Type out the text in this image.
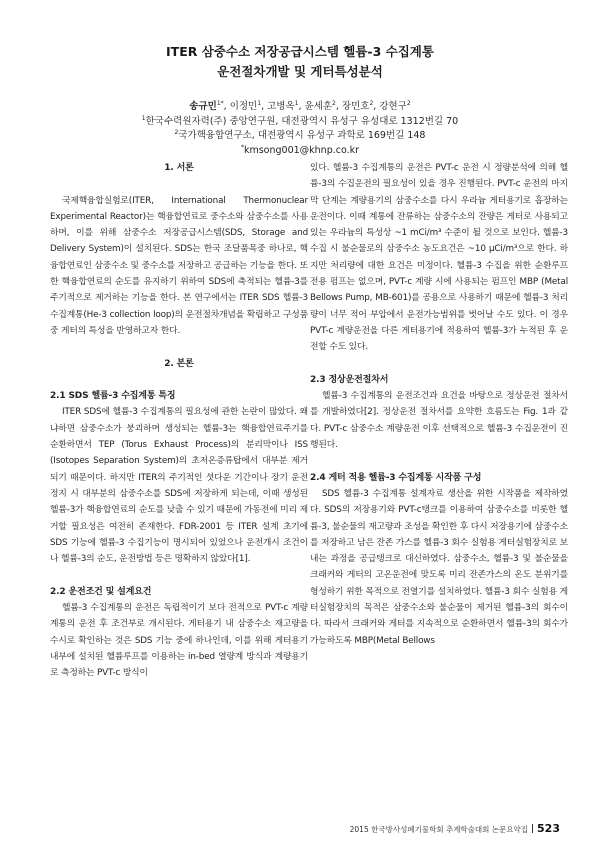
ITER 삼중수소 저장공급시스템 헬륨-3 수집계통
운전절차개발 및 게터특성분석
송규민$^{1*}$, 이정민$^1$, 고병옥$^1$, 윤세훈$^2$, 장민호$^2$, 강현구$^2$
$^1$한국수력원자력(주) 중앙연구원, 대전광역시 유성구 유성대로 1312번길 70
$^2$국가핵융합연구소, 대전광역시 유성구 과학로 169번길 148
*kmsong001@khnp.co.kr
1. 서론

국제핵융합실험로(ITER, International Thermonuclear Experimental Reactor)는 핵융합연료로 중수소와 삼중수소를 사용하며, 이를 위해 삼중수소 저장공급시스템(SDS, Storage and Delivery System)이 설치된다. SDS는 한국 조달품목중 하나로, 핵융합연료인 삼중수소 및 중수소를 저장하고 공급하는 기능을 한다. 또한 핵융합연료의 순도를 유지하기 위하여 SDS에 축적되는 헬륨-3를 주기적으로 제거하는 기능을 한다. 본 연구에서는 ITER SDS 헬륨-3 수집계통(He-3 collection loop)의 운전절차개념을 확립하고 구성품 중 게터의 특성을 반영하고자 한다.

2. 본론
2.1 SDS 헬륨-3 수집계통 특징

ITER SDS에 헬륨-3 수집계통의 필요성에 관한 논란이 많았다. 왜냐하면 삼중수소가 붕괴하며 생성되는 헬륨-3는 핵융합연료주기를 순환하면서 TEP (Torus Exhaust Process)의 분리막이나 ISS (Isotopes Separation System)의 초저온증류탑에서 대부분 제거되기 때문이다. 하지만 ITER의 주기적인 셧다운 기간이나 장기 운전정지 시 대부분의 삼중수소를 SDS에 저장하게 되는데, 이때 생성된 헬륨-3가 핵융합연료의 순도를 낮출 수 있기 때문에 가동전에 미리 제거할 필요성은 여전히 존재한다. FDR-2001 등 ITER 설계 초기에 SDS 기능에 헬륨-3 수집기능이 명시되어 있었으나 운전개시 조건이나 헬륨-3의 순도, 운전방법 등은 명확하지 않았다[1].

2.2 운전조건 및 설계요건

헬륨-3 수집계통의 운전은 독립적이기 보다 전적으로 PVT-c 계량계통의 운전 후 조건부로 개시된다. 게터용기 내 삼중수소 재고량을 수시로 확인하는 것은 SDS 기능 중에 하나인데, 이를 위해 게터용기 내부에 설치된 헬륨루프를 이용하는 in-bed 열량계 방식과 계량용기로 측정하는 PVT-c 방식이

있다. 헬륨-3 수집계통의 운전은 PVT-c 운전 시 정량분석에 의해 헬륨-3의 수집운전의 필요성이 있을 경우 진행된다. PVT-c 운전의 마지막 단계는 계량용기의 삼중수소를 다시 우라늄 게터용기로 흡장하는 운전이다. 이때 계통에 잔류하는 삼중수소의 잔량은 게터로 사용되고 있는 우라늄의 특성상 ~1 mCi/m³ 수준이 될 것으로 보인다. 헬륨-3 수집 시 불순물로의 삼중수소 농도요건은 ~10 μCi/m³으로 한다. 하지만 처리량에 대한 요건은 미정이다. 헬륨-3 수집을 위한 순환루프 전용 펌프는 없으며, PVT-c 계량 시에 사용되는 펌프인 MBP (Metal Bellows Pump, MB-601)를 공용으로 사용하기 때문에 헬륨-3 처리량이 너무 적어 부압에서 운전가능범위를 벗어날 수도 있다. 이 경우 PVT-c 계량운전을 다른 게터용기에 적용하여 헬륨-3가 누적된 후 운전할 수도 있다.

2.3 정상운전절차서

헬륨-3 수집계통의 운전조건과 요건을 바탕으로 정상운전 절차서를 개발하였다[2]. 정상운전 절차서를 요약한 흐름도는 Fig. 1과 같다. PVT-c 삼중수소 계량운전 이후 선택적으로 헬륨-3 수집운전이 진행된다.

2.4 게터 적용 헬륨-3 수집계통 시작품 구성

SDS 헬륨-3 수집계통 설계자료 생산을 위한 시작품을 제작하였다. SDS의 저장용기와 PVT-c탱크를 이용하여 삼중수소를 비롯한 헬륨-3, 불순물의 재고량과 조성을 확인한 후 다시 저장용기에 삼중수소를 저장하고 남은 잔존 가스를 헬륨-3 회수 실험용 게터실험장치로 보내는 과정을 공급탱크로 대신하였다. 삼중수소, 헬륨-3 및 불순물을 크래커와 게터의 고온운전에 맞도록 미리 잔존가스의 온도 분위기를 형성하기 위한 목적으로 전열기를 설치하였다. 헬륨-3 회수 실험용 게터실험장치의 목적은 삼중수소와 불순물이 제거된 헬륨-3의 회수이다. 따라서 크래커와 게터를 지속적으로 순환하면서 헬륨-3의 회수가 가능하도록 MBP(Metal Bellows

2015 한국방사성폐기물학회 추계학술대회 논문요약집 523
